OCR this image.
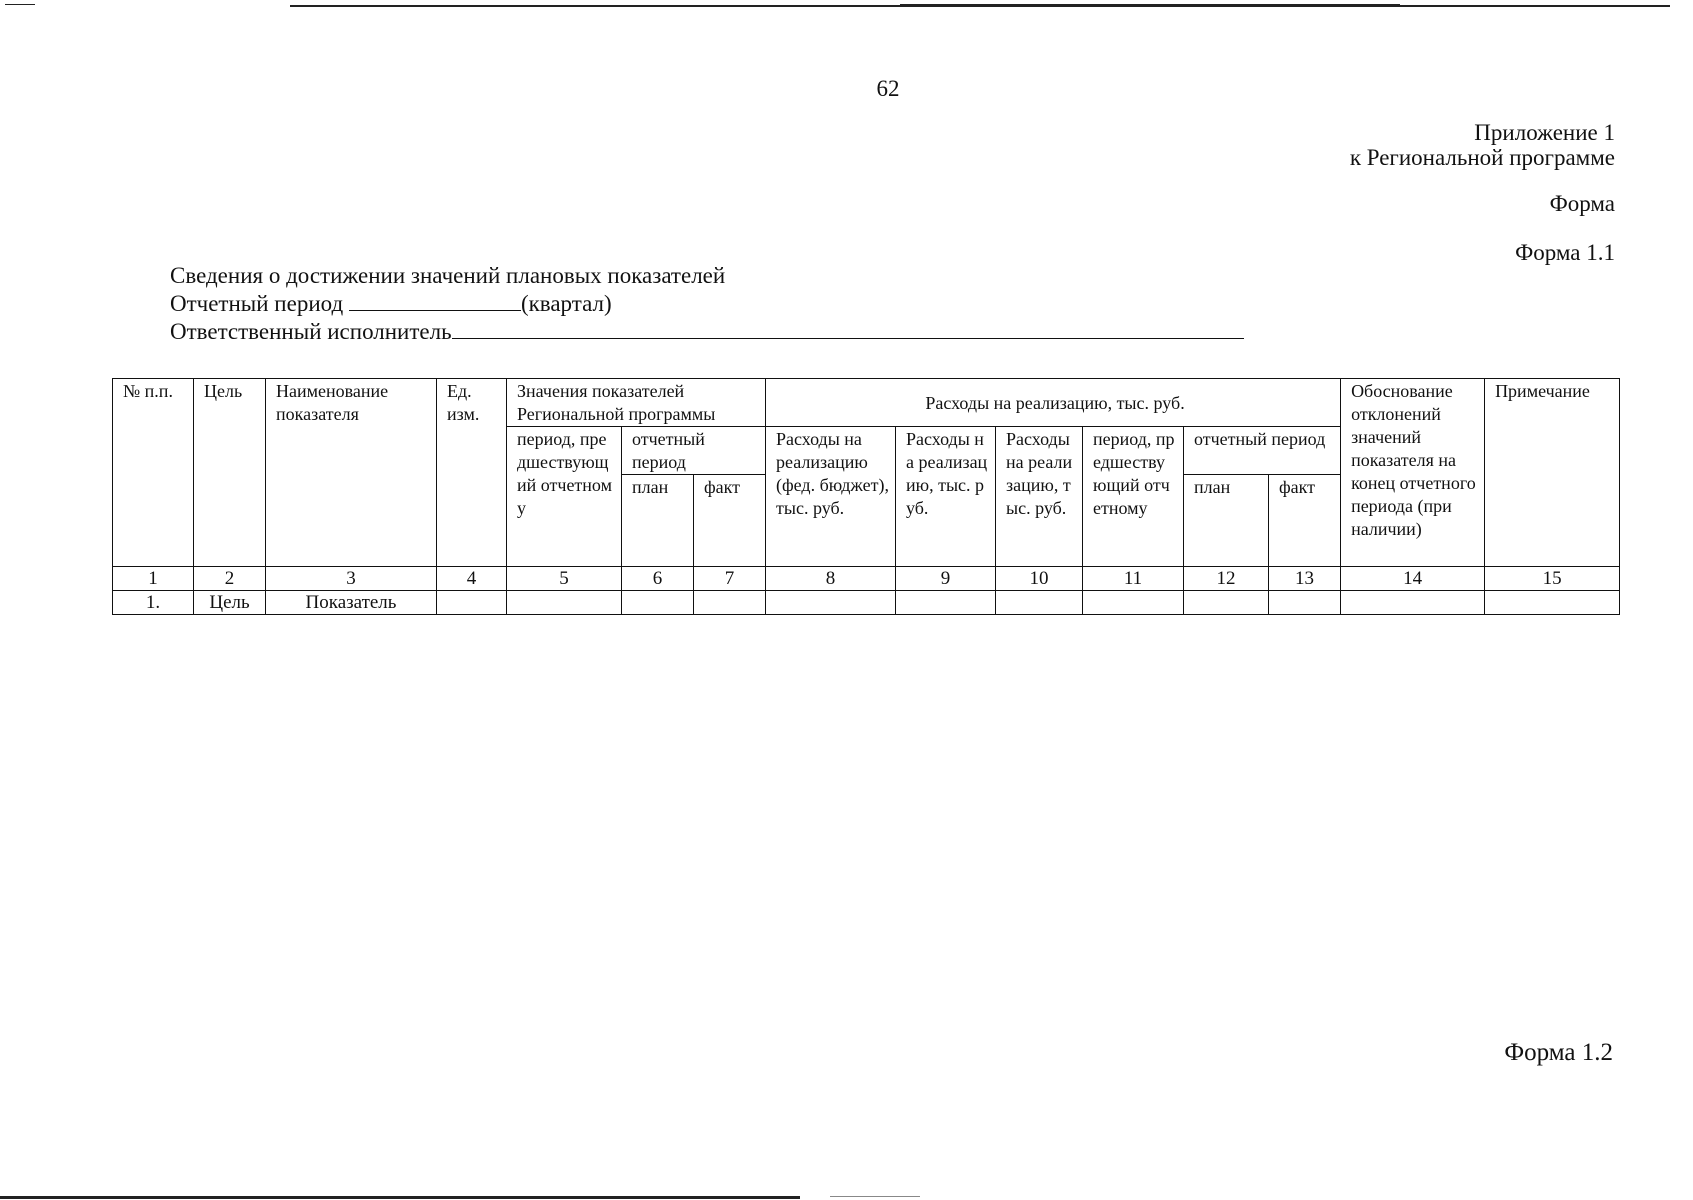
62
Приложение 1
к Региональной программе
Форма
Форма 1.1
Сведения о достижении значений плановых показателей
Отчетный период	(квартал)
Ответственный исполнитель
№ п.п.	Цель	Наименование показателя	Ед. изм.	Значения показателей Региональной программы			Расходы на реализацию, тыс. руб.						Обоснование отклонений значений показателя на конец отчетного периода (при наличии)	Примечание
				период, предшествующий отчетному	отчетный период		Расходы на реализацию (фед. бюджет), тыс. руб.	Расходы на реализацию, тыс. руб.	Расходы на реализацию, тыс. руб.	период, предшествующий отчетному	отчетный период			
					план	факт					план	факт		
1	2	3	4	5	6	7	8	9	10	11	12	13	14	15
1.	Цель	Показатель												
Форма 1.2
